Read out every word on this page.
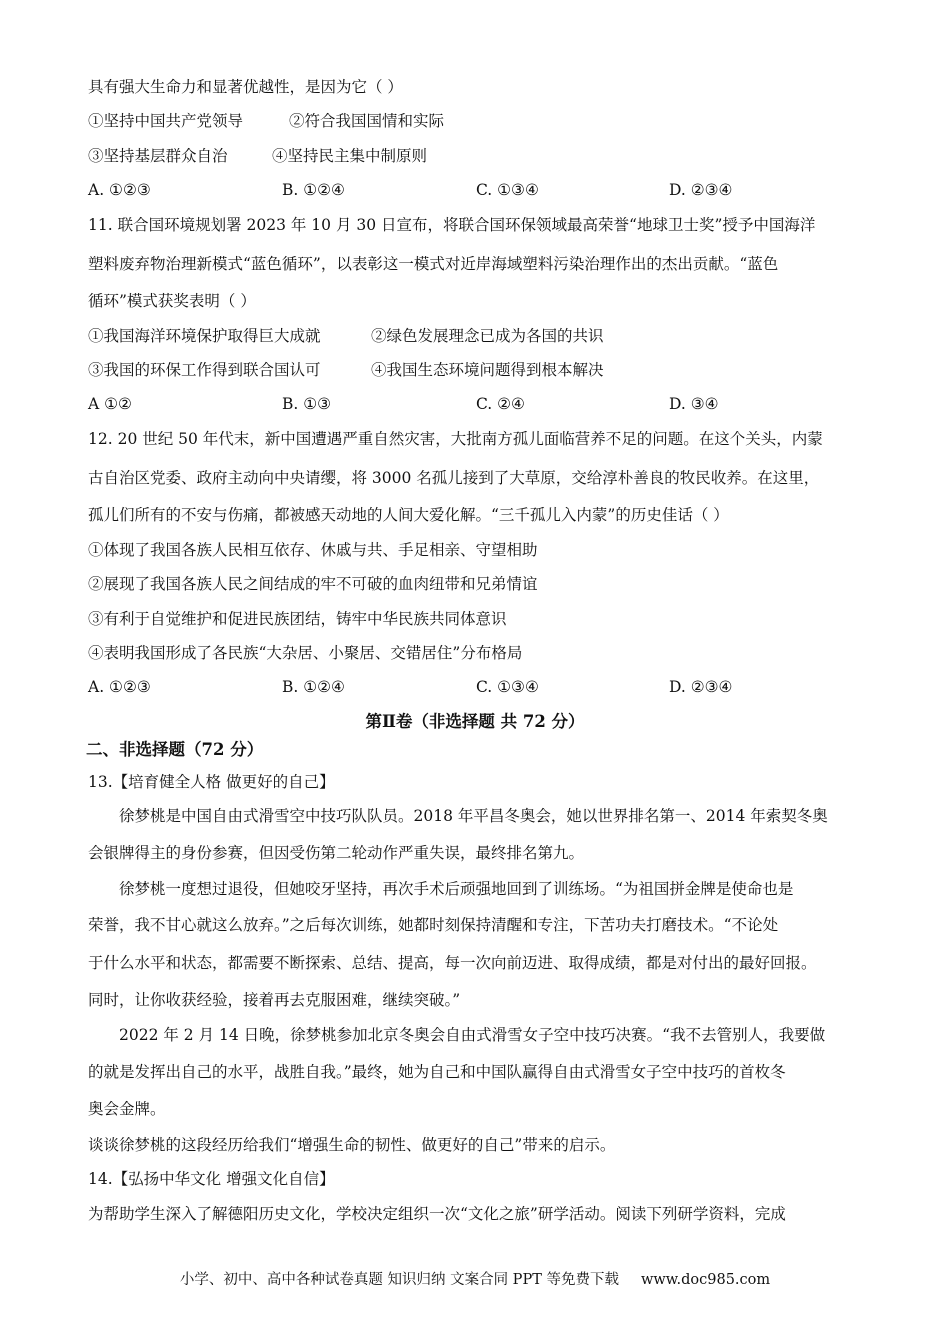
具有强大生命力和显著优越性，是因为它（ ）
①坚持中国共产党领导	②符合我国国情和实际
③坚持基层群众自治	④坚持民主集中制原则
A. ①②③	B. ①②④	C. ①③④	D. ②③④
11. 联合国环境规划署 2023 年 10 月 30 日宣布，将联合国环保领域最高荣誉“地球卫士奖”授予中国海洋
塑料废弃物治理新模式“蓝色循环”，以表彰这一模式对近岸海域塑料污染治理作出的杰出贡献。“蓝色
循环”模式获奖表明（ ）
①我国海洋环境保护取得巨大成就	②绿色发展理念已成为各国的共识
③我国的环保工作得到联合国认可	④我国生态环境问题得到根本解决
A ①②	B. ①③	C. ②④	D. ③④
12. 20 世纪 50 年代末，新中国遭遇严重自然灾害，大批南方孤儿面临营养不足的问题。在这个关头，内蒙
古自治区党委、政府主动向中央请缨，将 3000 名孤儿接到了大草原，交给淳朴善良的牧民收养。在这里，
孤儿们所有的不安与伤痛，都被感天动地的人间大爱化解。“三千孤儿入内蒙”的历史佳话（ ）
①体现了我国各族人民相互依存、休戚与共、手足相亲、守望相助
②展现了我国各族人民之间结成的牢不可破的血肉纽带和兄弟情谊
③有利于自觉维护和促进民族团结，铸牢中华民族共同体意识
④表明我国形成了各民族“大杂居、小聚居、交错居住”分布格局
A. ①②③	B. ①②④	C. ①③④	D. ②③④
第Ⅱ卷（非选择题 共 72 分）
二、非选择题（72 分）
13.【培育健全人格 做更好的自己】
徐梦桃是中国自由式滑雪空中技巧队队员。2018 年平昌冬奥会，她以世界排名第一、2014 年索契冬奥
会银牌得主的身份参赛，但因受伤第二轮动作严重失误，最终排名第九。
徐梦桃一度想过退役，但她咬牙坚持，再次手术后顽强地回到了训练场。“为祖国拼金牌是使命也是
荣誉，我不甘心就这么放弃。”之后每次训练，她都时刻保持清醒和专注，下苦功夫打磨技术。“不论处
于什么水平和状态，都需要不断探索、总结、提高，每一次向前迈进、取得成绩，都是对付出的最好回报。
同时，让你收获经验，接着再去克服困难，继续突破。”
2022 年 2 月 14 日晚，徐梦桃参加北京冬奥会自由式滑雪女子空中技巧决赛。“我不去管别人，我要做
的就是发挥出自己的水平，战胜自我。”最终，她为自己和中国队赢得自由式滑雪女子空中技巧的首枚冬
奥会金牌。
谈谈徐梦桃的这段经历给我们“增强生命的韧性、做更好的自己”带来的启示。
14.【弘扬中华文化 增强文化自信】
为帮助学生深入了解德阳历史文化，学校决定组织一次“文化之旅”研学活动。阅读下列研学资料，完成
小学、初中、高中各种试卷真题 知识归纳 文案合同 PPT 等免费下载 www.doc985.com
